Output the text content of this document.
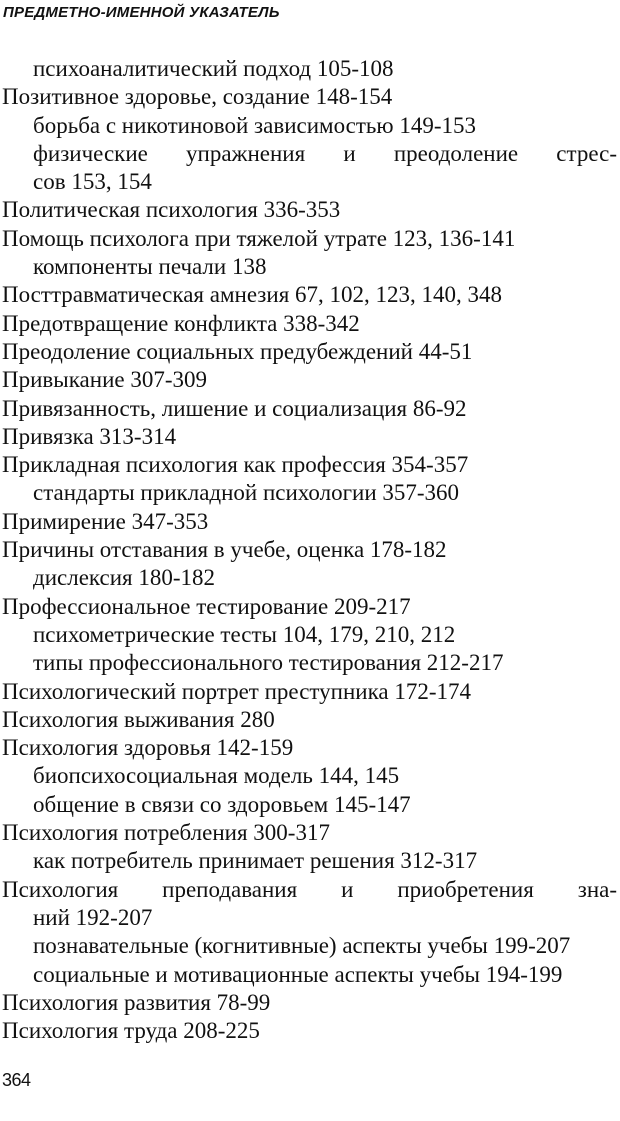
ПРЕДМЕТНО-ИМЕННОЙ УКАЗАТЕЛЬ
психоаналитический подход 105-108
Позитивное здоровье, создание 148-154
борьба с никотиновой зависимостью 149-153
физические упражнения и преодоление стрес-
сов 153, 154
Политическая психология 336-353
Помощь психолога при тяжелой утрате 123, 136-141
компоненты печали 138
Посттравматическая амнезия 67, 102, 123, 140, 348
Предотвращение конфликта 338-342
Преодоление социальных предубеждений 44-51
Привыкание 307-309
Привязанность, лишение и социализация 86-92
Привязка 313-314
Прикладная психология как профессия 354-357
стандарты прикладной психологии 357-360
Примирение 347-353
Причины отставания в учебе, оценка 178-182
дислексия 180-182
Профессиональное тестирование 209-217
психометрические тесты 104, 179, 210, 212
типы профессионального тестирования 212-217
Психологический портрет преступника 172-174
Психология выживания 280
Психология здоровья 142-159
биопсихосоциальная модель 144, 145
общение в связи со здоровьем 145-147
Психология потребления 300-317
как потребитель принимает решения 312-317
Психология преподавания и приобретения зна-
ний 192-207
познавательные (когнитивные) аспекты учебы 199-207
социальные и мотивационные аспекты учебы 194-199
Психология развития 78-99
Психология труда 208-225
364
